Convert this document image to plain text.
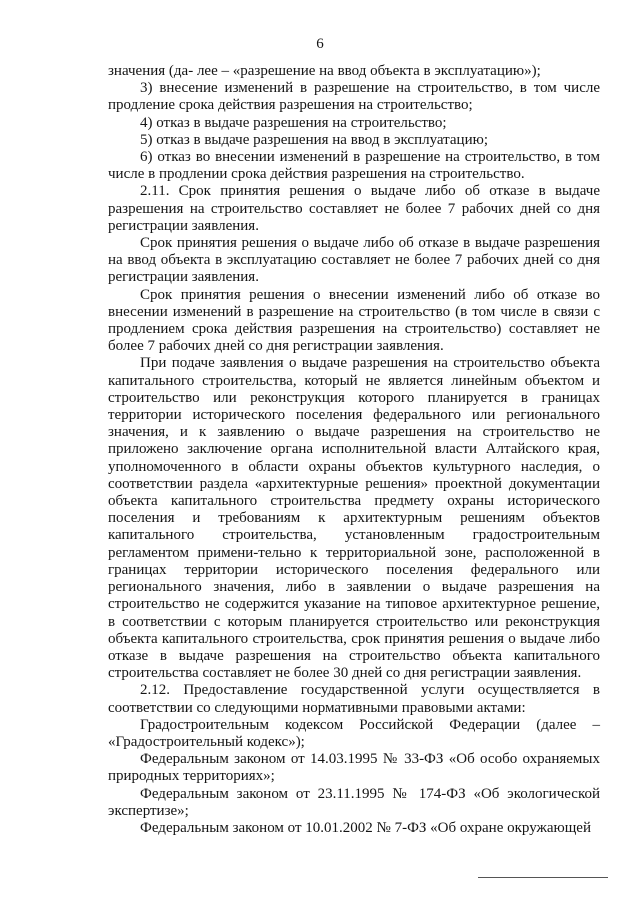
6

значения (да- лее – «разрешение на ввод объекта в эксплуатацию»);

3) внесение изменений в разрешение на строительство, в том числе продление срока действия разрешения на строительство;

4) отказ в выдаче разрешения на строительство;

5) отказ в выдаче разрешения на ввод в эксплуатацию;

6) отказ во внесении изменений в разрешение на строительство, в том числе в продлении срока действия разрешения на строительство.

2.11. Срок принятия решения о выдаче либо об отказе в выдаче разрешения на строительство составляет не более 7 рабочих дней со дня регистрации заявления.

Срок принятия решения о выдаче либо об отказе в выдаче разрешения на ввод объекта в эксплуатацию составляет не более 7 рабочих дней со дня регистрации заявления.

Срок принятия решения о внесении изменений либо об отказе во внесении изменений в разрешение на строительство (в том числе в связи с продлением срока действия разрешения на строительство) составляет не более 7 рабочих дней со дня регистрации заявления.

При подаче заявления о выдаче разрешения на строительство объекта капитального строительства, который не является линейным объектом и строительство или реконструкция которого планируется в границах территории исторического поселения федерального или регионального значения, и к заявлению о выдаче разрешения на строительство не приложено заключение органа исполнительной власти Алтайского края, уполномоченного в области охраны объектов культурного наследия, о соответствии раздела «архитектурные решения» проектной документации объекта капитального строительства предмету охраны исторического поселения и требованиям к архитектурным решениям объектов капитального строительства, установленным градостроительным регламентом примени-тельно к территориальной зоне, расположенной в границах территории исторического поселения федерального или регионального значения, либо в заявлении о выдаче разрешения на строительство не содержится указание на типовое архитектурное решение, в соответствии с которым планируется строительство или реконструкция объекта капитального строительства, срок принятия решения о выдаче либо отказе в выдаче разрешения на строительство объекта капитального строительства составляет не более 30 дней со дня регистрации заявления.

2.12. Предоставление государственной услуги осуществляется в соответствии со следующими нормативными правовыми актами:

Градостроительным кодексом Российской Федерации (далее – «Градостроительный кодекс»);

Федеральным законом от 14.03.1995 № 33-ФЗ «Об особо охраняемых природных территориях»;

Федеральным законом от 23.11.1995 № 174-ФЗ «Об экологической экспертизе»;

Федеральным законом от 10.01.2002 № 7-ФЗ «Об охране окружающей
